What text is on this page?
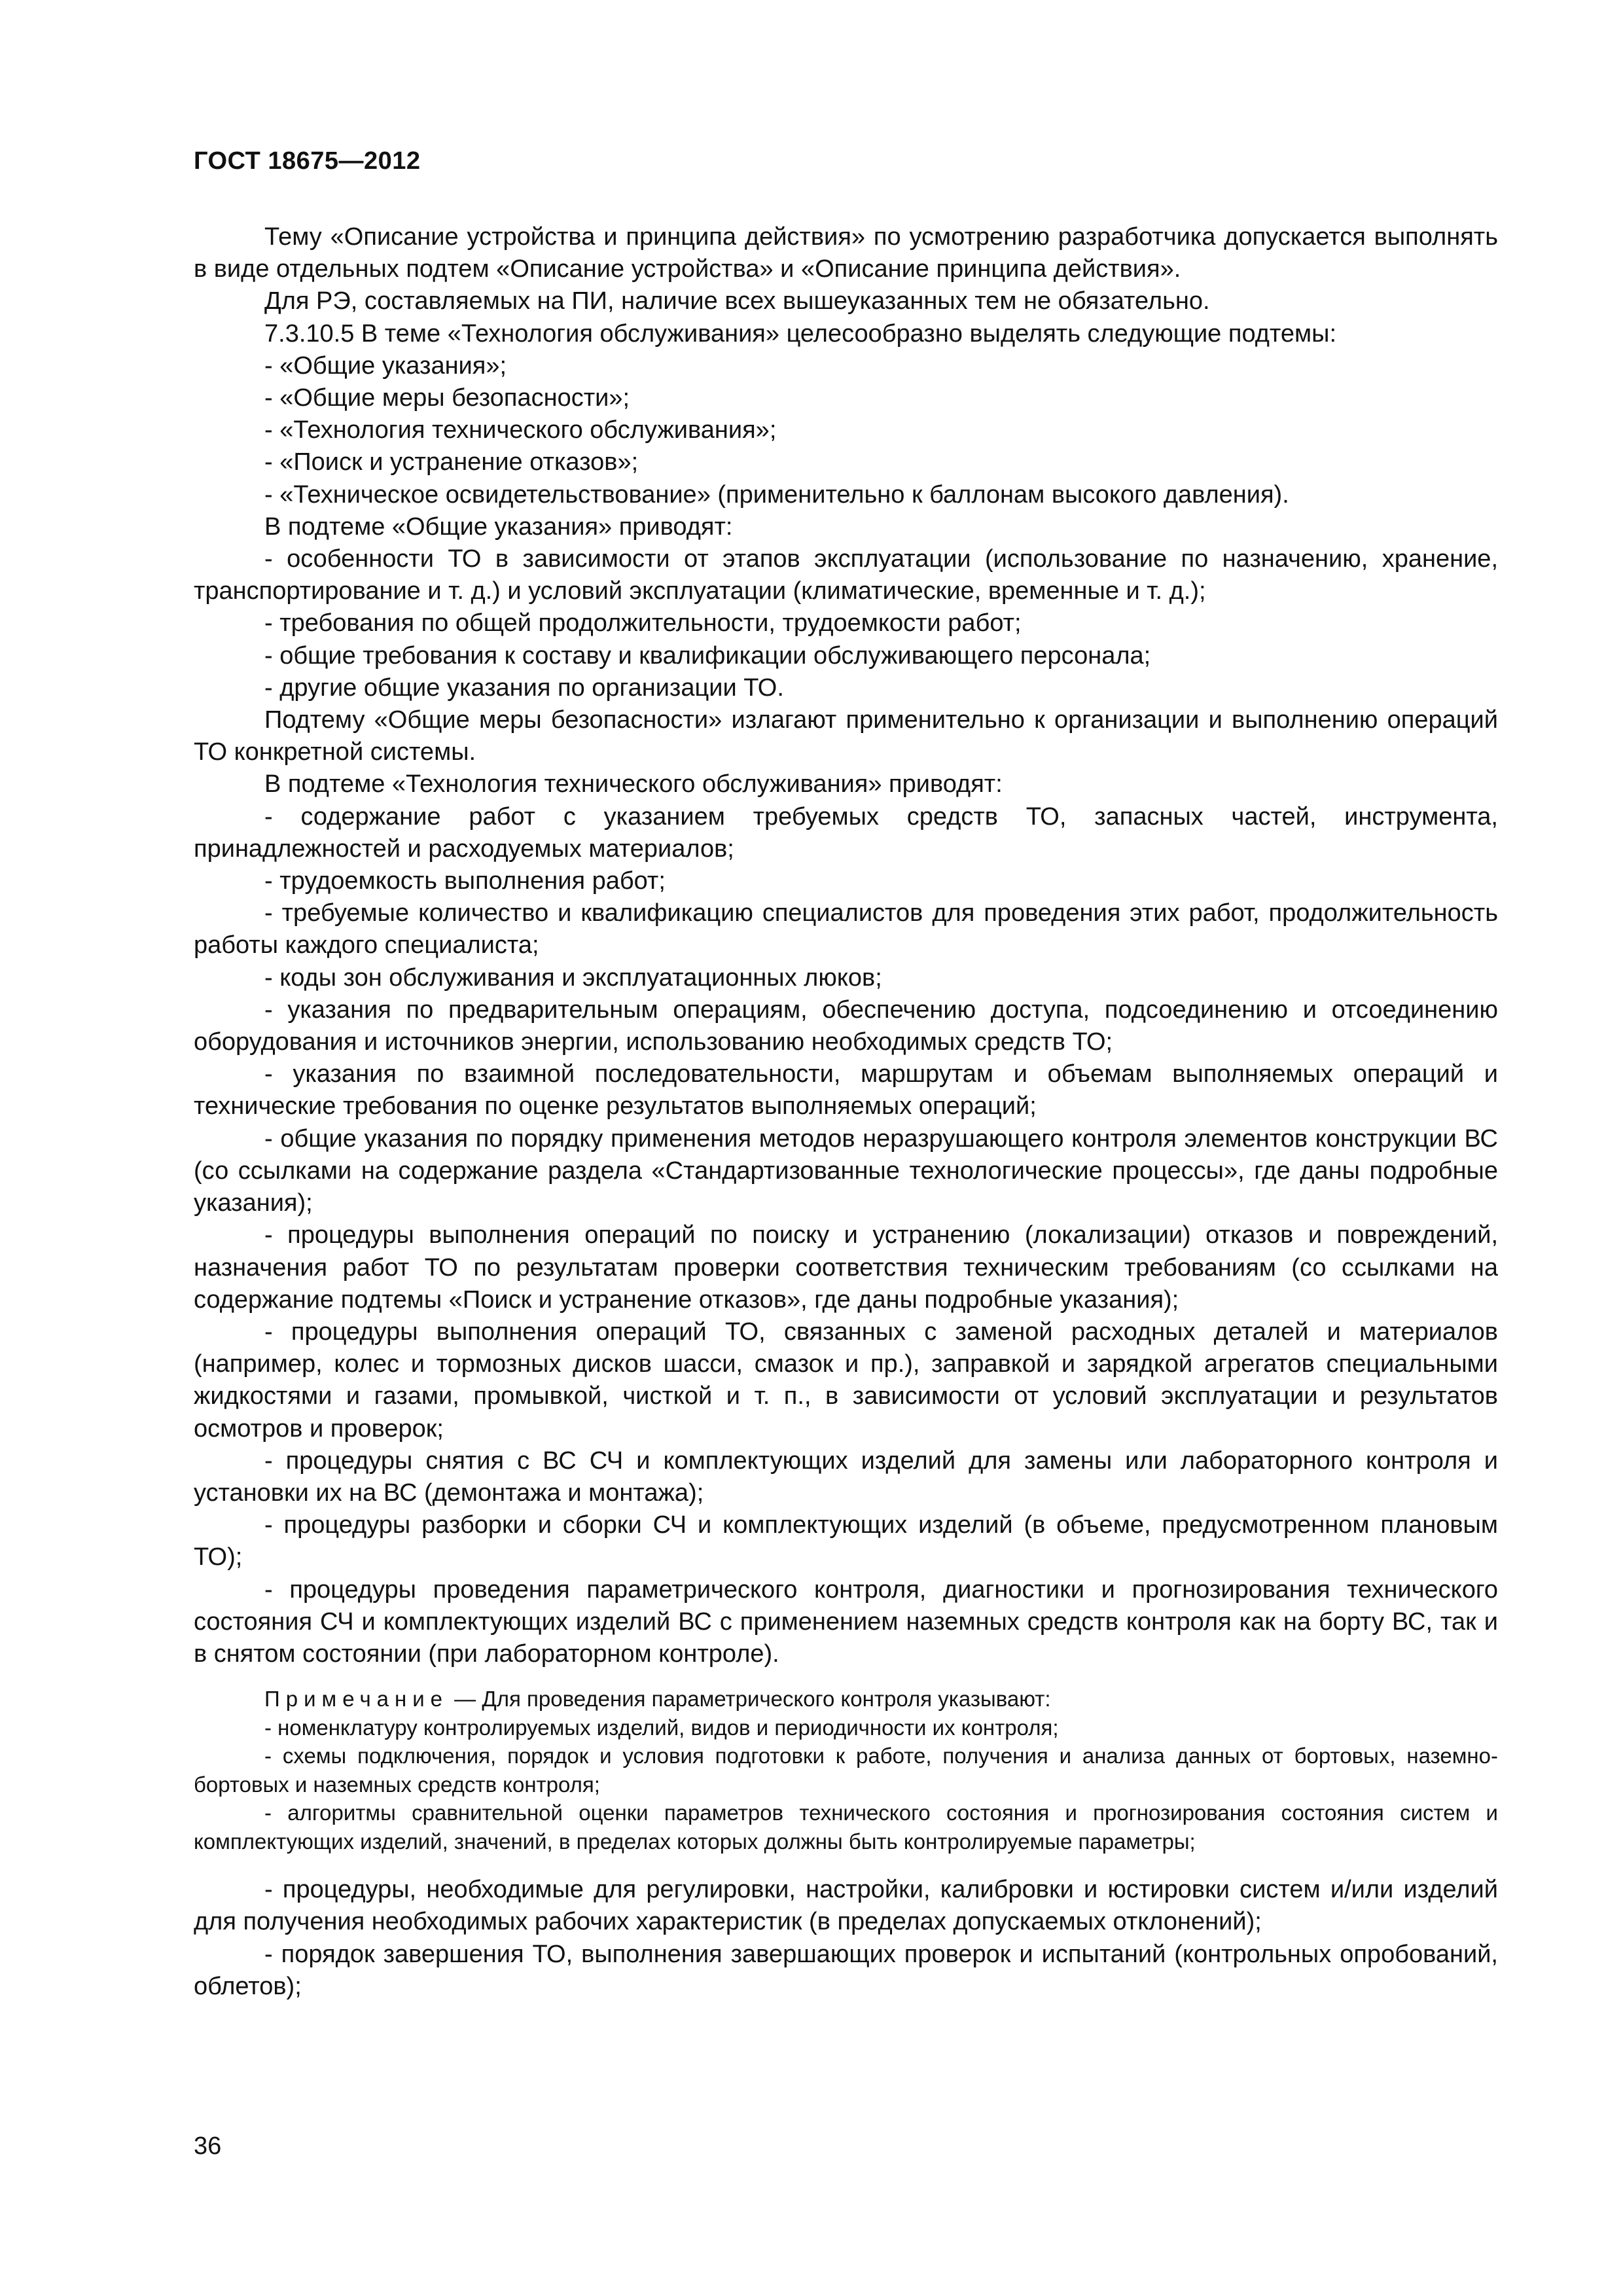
ГОСТ 18675—2012

Тему «Описание устройства и принципа действия» по усмотрению разработчика допускается выполнять в виде отдельных подтем «Описание устройства» и «Описание принципа действия».

Для РЭ, составляемых на ПИ, наличие всех вышеуказанных тем не обязательно.

7.3.10.5 В теме «Технология обслуживания» целесообразно выделять следующие подтемы:

- «Общие указания»;

- «Общие меры безопасности»;

- «Технология технического обслуживания»;

- «Поиск и устранение отказов»;

- «Техническое освидетельствование» (применительно к баллонам высокого давления).

В подтеме «Общие указания» приводят:

- особенности ТО в зависимости от этапов эксплуатации (использование по назначению, хранение, транспортирование и т. д.) и условий эксплуатации (климатические, временные и т. д.);

- требования по общей продолжительности, трудоемкости работ;

- общие требования к составу и квалификации обслуживающего персонала;

- другие общие указания по организации ТО.

Подтему «Общие меры безопасности» излагают применительно к организации и выполнению операций ТО конкретной системы.

В подтеме «Технология технического обслуживания» приводят:

- содержание работ с указанием требуемых средств ТО, запасных частей, инструмента, принадлежностей и расходуемых материалов;

- трудоемкость выполнения работ;

- требуемые количество и квалификацию специалистов для проведения этих работ, продолжительность работы каждого специалиста;

- коды зон обслуживания и эксплуатационных люков;

- указания по предварительным операциям, обеспечению доступа, подсоединению и отсоединению оборудования и источников энергии, использованию необходимых средств ТО;

- указания по взаимной последовательности, маршрутам и объемам выполняемых операций и технические требования по оценке результатов выполняемых операций;

- общие указания по порядку применения методов неразрушающего контроля элементов конструкции ВС (со ссылками на содержание раздела «Стандартизованные технологические процессы», где даны подробные указания);

- процедуры выполнения операций по поиску и устранению (локализации) отказов и повреждений, назначения работ ТО по результатам проверки соответствия техническим требованиям (со ссылками на содержание подтемы «Поиск и устранение отказов», где даны подробные указания);

- процедуры выполнения операций ТО, связанных с заменой расходных деталей и материалов (например, колес и тормозных дисков шасси, смазок и пр.), заправкой и зарядкой агрегатов специальными жидкостями и газами, промывкой, чисткой и т. п., в зависимости от условий эксплуатации и результатов осмотров и проверок;

- процедуры снятия с ВС СЧ и комплектующих изделий для замены или лабораторного контроля и установки их на ВС (демонтажа и монтажа);

- процедуры разборки и сборки СЧ и комплектующих изделий (в объеме, предусмотренном плановым ТО);

- процедуры проведения параметрического контроля, диагностики и прогнозирования технического состояния СЧ и комплектующих изделий ВС с применением наземных средств контроля как на борту ВС, так и в снятом состоянии (при лабораторном контроле).

Примечание — Для проведения параметрического контроля указывают:

- номенклатуру контролируемых изделий, видов и периодичности их контроля;

- схемы подключения, порядок и условия подготовки к работе, получения и анализа данных от бортовых, наземно-бортовых и наземных средств контроля;

- алгоритмы сравнительной оценки параметров технического состояния и прогнозирования состояния систем и комплектующих изделий, значений, в пределах которых должны быть контролируемые параметры;

- процедуры, необходимые для регулировки, настройки, калибровки и юстировки систем и/или изделий для получения необходимых рабочих характеристик (в пределах допускаемых отклонений);

- порядок завершения ТО, выполнения завершающих проверок и испытаний (контрольных опробований, облетов);

36
